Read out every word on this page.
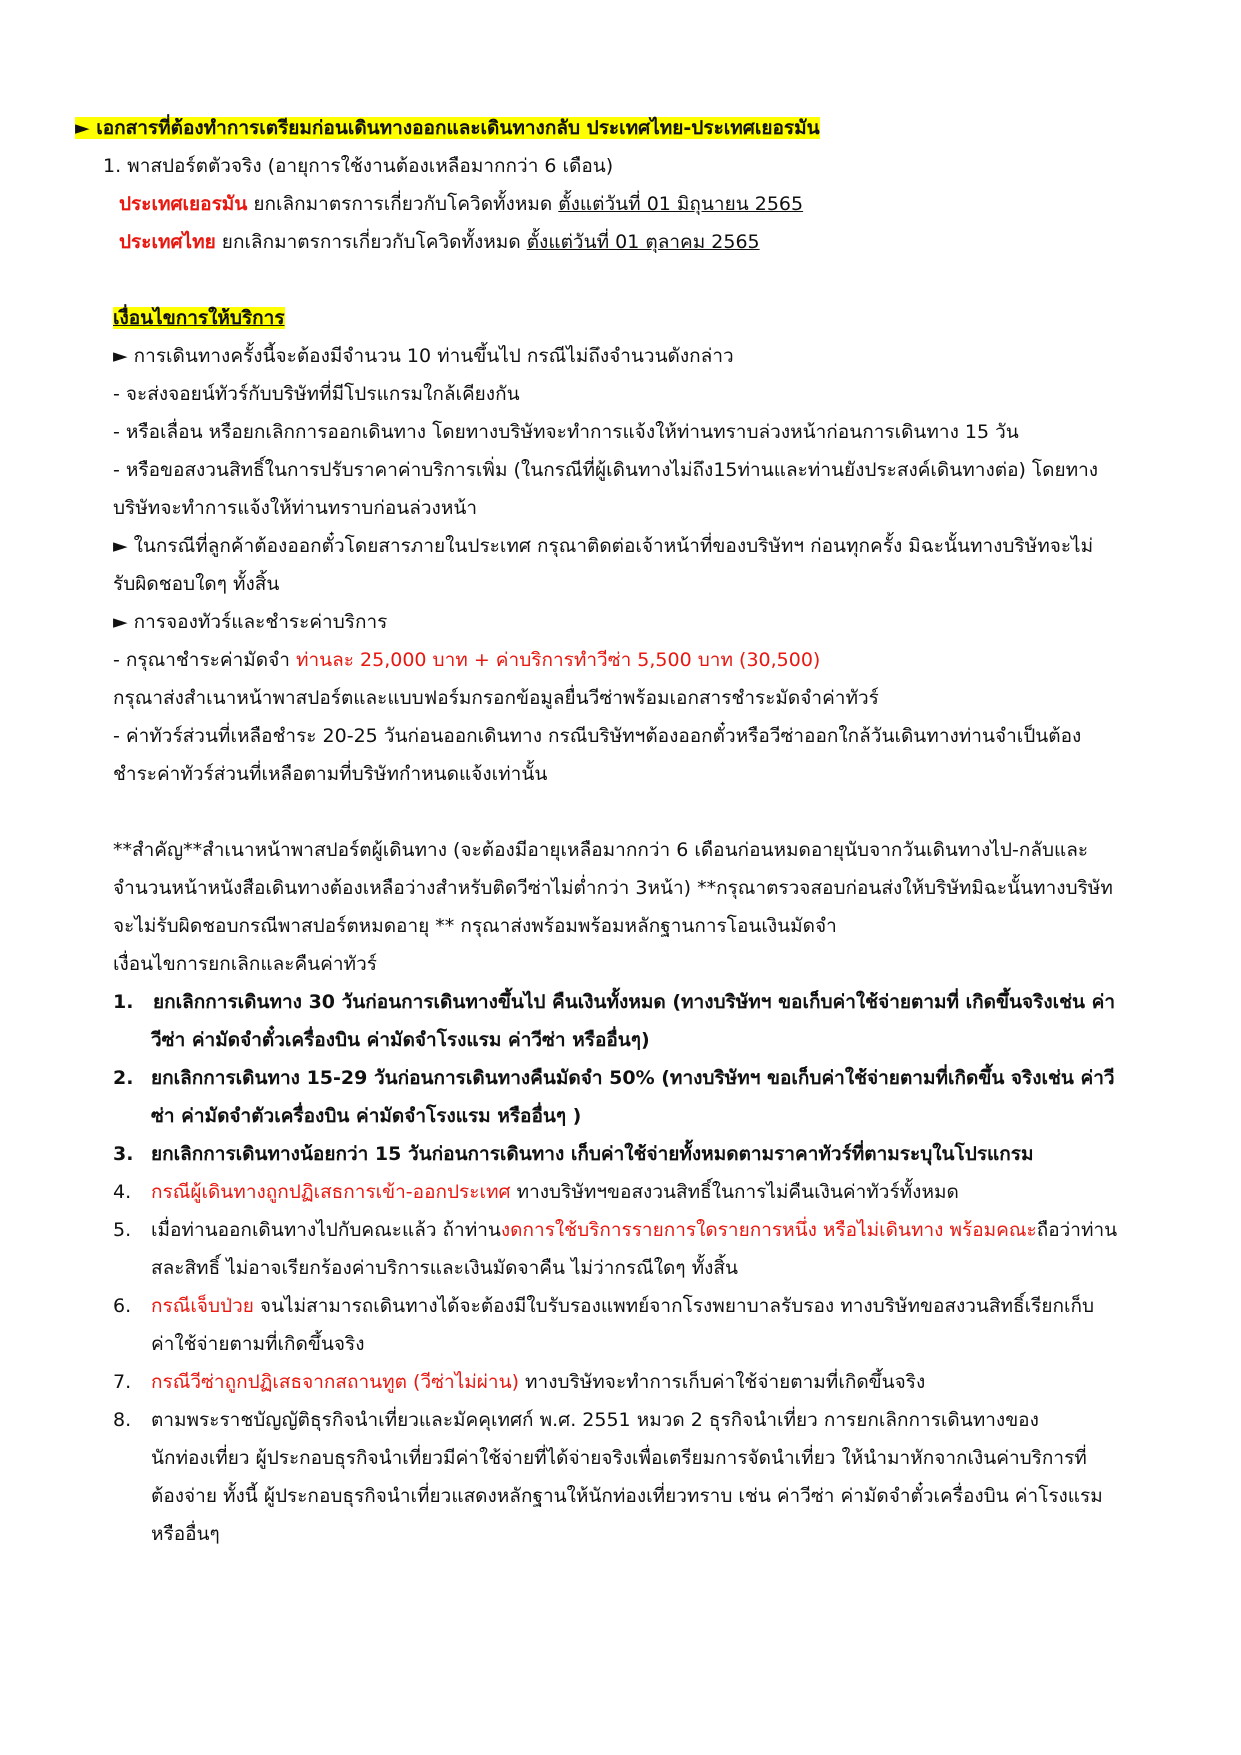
► เอกสารที่ต้องทำการเตรียมก่อนเดินทางออกและเดินทางกลับ ประเทศไทย-ประเทศเยอรมัน
1. พาสปอร์ตตัวจริง (อายุการใช้งานต้องเหลือมากกว่า 6 เดือน)
ประเทศเยอรมัน ยกเลิกมาตรการเกี่ยวกับโควิดทั้งหมด ตั้งแต่วันที่ 01 มิถุนายน 2565
ประเทศไทย ยกเลิกมาตรการเกี่ยวกับโควิดทั้งหมด ตั้งแต่วันที่ 01 ตุลาคม 2565
เงื่อนไขการให้บริการ
► การเดินทางครั้งนี้จะต้องมีจำนวน 10 ท่านขึ้นไป กรณีไม่ถึงจำนวนดังกล่าว
- จะส่งจอยน์ทัวร์กับบริษัทที่มีโปรแกรมใกล้เคียงกัน
- หรือเลื่อน หรือยกเลิกการออกเดินทาง โดยทางบริษัทจะทำการแจ้งให้ท่านทราบล่วงหน้าก่อนการเดินทาง 15 วัน
- หรือขอสงวนสิทธิ์ในการปรับราคาค่าบริการเพิ่ม (ในกรณีที่ผู้เดินทางไม่ถึง15ท่านและท่านยังประสงค์เดินทางต่อ) โดยทาง
บริษัทจะทำการแจ้งให้ท่านทราบก่อนล่วงหน้า
► ในกรณีที่ลูกค้าต้องออกตั๋วโดยสารภายในประเทศ กรุณาติดต่อเจ้าหน้าที่ของบริษัทฯ ก่อนทุกครั้ง มิฉะนั้นทางบริษัทจะไม่
รับผิดชอบใดๆ ทั้งสิ้น
► การจองทัวร์และชำระค่าบริการ
- กรุณาชำระค่ามัดจำ ท่านละ 25,000 บาท + ค่าบริการทำวีซ่า 5,500 บาท (30,500)
กรุณาส่งสำเนาหน้าพาสปอร์ตและแบบฟอร์มกรอกข้อมูลยื่นวีซ่าพร้อมเอกสารชำระมัดจำค่าทัวร์
- ค่าทัวร์ส่วนที่เหลือชำระ 20-25 วันก่อนออกเดินทาง กรณีบริษัทฯต้องออกตั๋วหรือวีซ่าออกใกล้วันเดินทางท่านจำเป็นต้อง
ชำระค่าทัวร์ส่วนที่เหลือตามที่บริษัทกำหนดแจ้งเท่านั้น
**สำคัญ**สำเนาหน้าพาสปอร์ตผู้เดินทาง (จะต้องมีอายุเหลือมากกว่า 6 เดือนก่อนหมดอายุนับจากวันเดินทางไป-กลับและ
จำนวนหน้าหนังสือเดินทางต้องเหลือว่างสำหรับติดวีซ่าไม่ต่ำกว่า 3หน้า) **กรุณาตรวจสอบก่อนส่งให้บริษัทมิฉะนั้นทางบริษัท
จะไม่รับผิดชอบกรณีพาสปอร์ตหมดอายุ ** กรุณาส่งพร้อมพร้อมหลักฐานการโอนเงินมัดจำ
เงื่อนไขการยกเลิกและคืนค่าทัวร์
1. ยกเลิกการเดินทาง 30 วันก่อนการเดินทางขึ้นไป คืนเงินทั้งหมด (ทางบริษัทฯ ขอเก็บค่าใช้จ่ายตามที่ เกิดขึ้นจริงเช่น ค่า
วีซ่า ค่ามัดจำตั๋วเครื่องบิน ค่ามัดจำโรงแรม ค่าวีซ่า หรืออื่นๆ)
2. ยกเลิกการเดินทาง 15-29 วันก่อนการเดินทางคืนมัดจำ 50% (ทางบริษัทฯ ขอเก็บค่าใช้จ่ายตามที่เกิดขึ้น จริงเช่น ค่าวี
ซ่า ค่ามัดจำตัวเครื่องบิน ค่ามัดจำโรงแรม หรืออื่นๆ )
3. ยกเลิกการเดินทางน้อยกว่า 15 วันก่อนการเดินทาง เก็บค่าใช้จ่ายทั้งหมดตามราคาทัวร์ที่ตามระบุในโปรแกรม
4. กรณีผู้เดินทางถูกปฏิเสธการเข้า-ออกประเทศ ทางบริษัทฯขอสงวนสิทธิ์ในการไม่คืนเงินค่าทัวร์ทั้งหมด
5. เมื่อท่านออกเดินทางไปกับคณะแล้ว ถ้าท่านงดการใช้บริการรายการใดรายการหนึ่ง หรือไม่เดินทาง พร้อมคณะถือว่าท่าน
สละสิทธิ์ ไม่อาจเรียกร้องค่าบริการและเงินมัดจาคืน ไม่ว่ากรณีใดๆ ทั้งสิ้น
6. กรณีเจ็บป่วย จนไม่สามารถเดินทางได้จะต้องมีใบรับรองแพทย์จากโรงพยาบาลรับรอง ทางบริษัทขอสงวนสิทธิ์เรียกเก็บ
ค่าใช้จ่ายตามที่เกิดขึ้นจริง
7. กรณีวีซ่าถูกปฏิเสธจากสถานทูต (วีซ่าไม่ผ่าน) ทางบริษัทจะทำการเก็บค่าใช้จ่ายตามที่เกิดขึ้นจริง
8. ตามพระราชบัญญัติธุรกิจนำเที่ยวและมัคคุเทศก์ พ.ศ. 2551 หมวด 2 ธุรกิจนำเที่ยว การยกเลิกการเดินทางของ
นักท่องเที่ยว ผู้ประกอบธุรกิจนำเที่ยวมีค่าใช้จ่ายที่ได้จ่ายจริงเพื่อเตรียมการจัดนำเที่ยว ให้นำมาหักจากเงินค่าบริการที่
ต้องจ่าย ทั้งนี้ ผู้ประกอบธุรกิจนำเที่ยวแสดงหลักฐานให้นักท่องเที่ยวทราบ เช่น ค่าวีซ่า ค่ามัดจำตั๋วเครื่องบิน ค่าโรงแรม
หรืออื่นๆ
